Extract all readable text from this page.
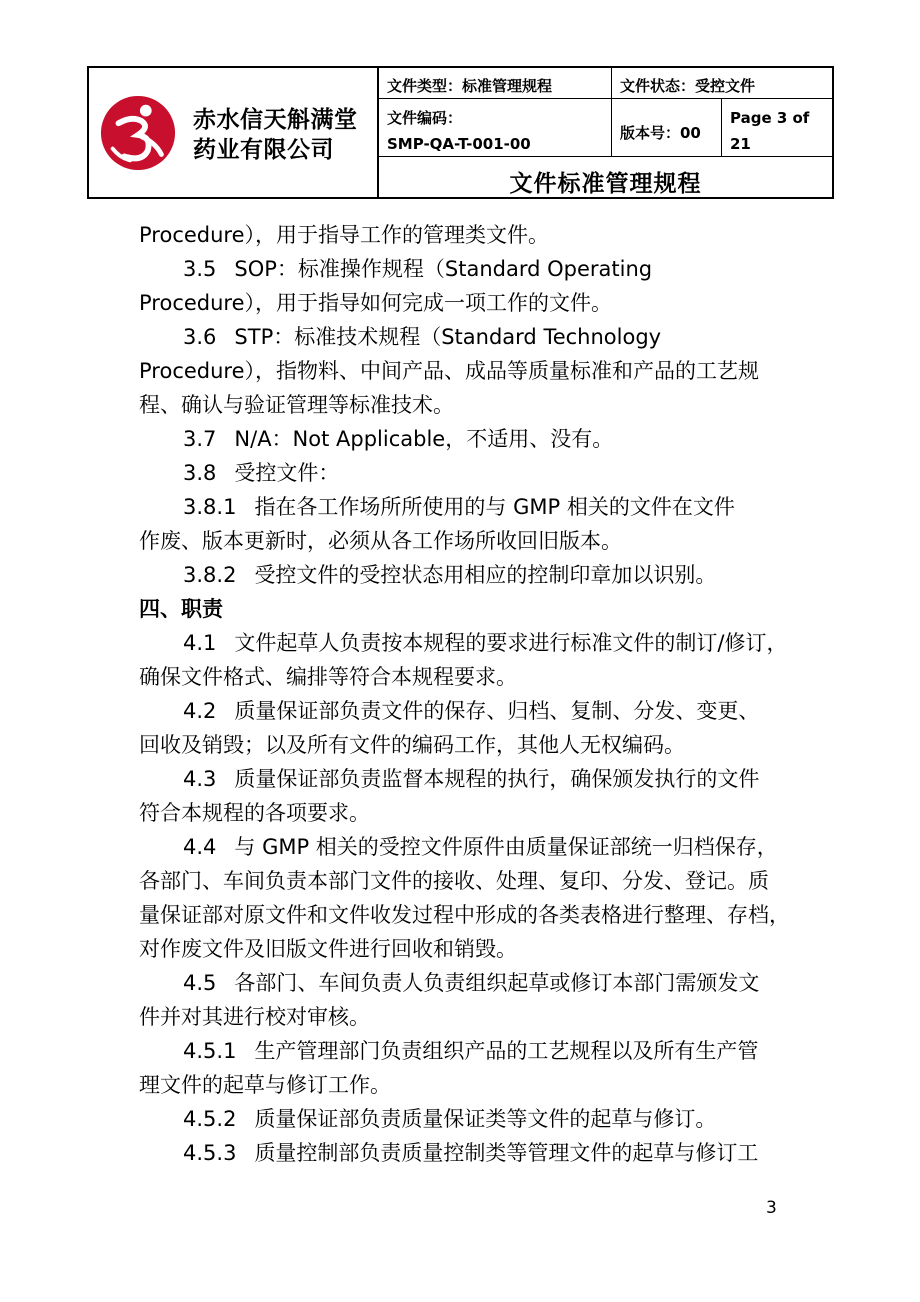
赤水信天斛满堂
药业有限公司
文件类型：标准管理规程	文件状态：受控文件
文件编码：
SMP-QA-T-001-00
版本号：00
Page 3 of
21
文件标准管理规程
Procedure），用于指导工作的管理类文件。
3.5 SOP：标准操作规程（Standard Operating
Procedure），用于指导如何完成一项工作的文件。
3.6 STP：标准技术规程（Standard Technology
Procedure），指物料、中间产品、成品等质量标准和产品的工艺规
程、确认与验证管理等标准技术。
3.7 N/A：Not Applicable，不适用、没有。
3.8 受控文件：
3.8.1 指在各工作场所所使用的与 GMP 相关的文件在文件
作废、版本更新时，必须从各工作场所收回旧版本。
3.8.2 受控文件的受控状态用相应的控制印章加以识别。
四、职责
4.1 文件起草人负责按本规程的要求进行标准文件的制订/修订，
确保文件格式、编排等符合本规程要求。
4.2 质量保证部负责文件的保存、归档、复制、分发、变更、
回收及销毁；以及所有文件的编码工作，其他人无权编码。
4.3 质量保证部负责监督本规程的执行，确保颁发执行的文件
符合本规程的各项要求。
4.4 与 GMP 相关的受控文件原件由质量保证部统一归档保存，
各部门、车间负责本部门文件的接收、处理、复印、分发、登记。质
量保证部对原文件和文件收发过程中形成的各类表格进行整理、存档，
对作废文件及旧版文件进行回收和销毁。
4.5 各部门、车间负责人负责组织起草或修订本部门需颁发文
件并对其进行校对审核。
4.5.1 生产管理部门负责组织产品的工艺规程以及所有生产管
理文件的起草与修订工作。
4.5.2 质量保证部负责质量保证类等文件的起草与修订。
4.5.3 质量控制部负责质量控制类等管理文件的起草与修订工
3
